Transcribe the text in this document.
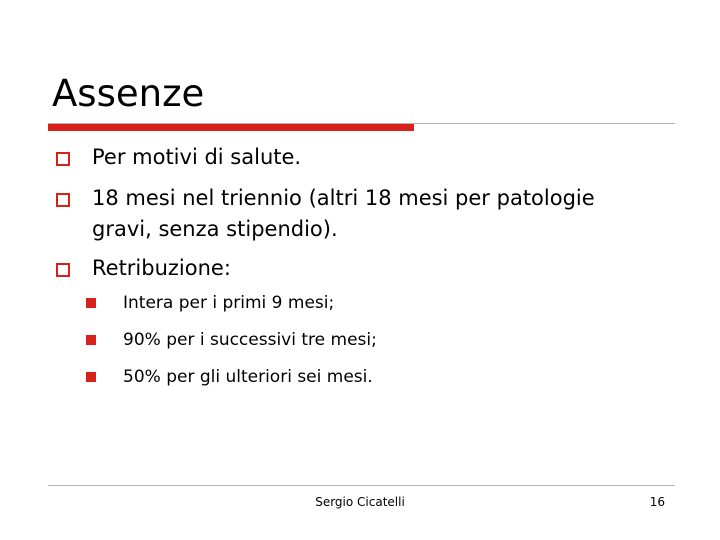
Assenze
Per motivi di salute.
18 mesi nel triennio (altri 18 mesi per patologie
gravi, senza stipendio).
Retribuzione:
Intera per i primi 9 mesi;
90% per i successivi tre mesi;
50% per gli ulteriori sei mesi.
Sergio Cicatelli	16
